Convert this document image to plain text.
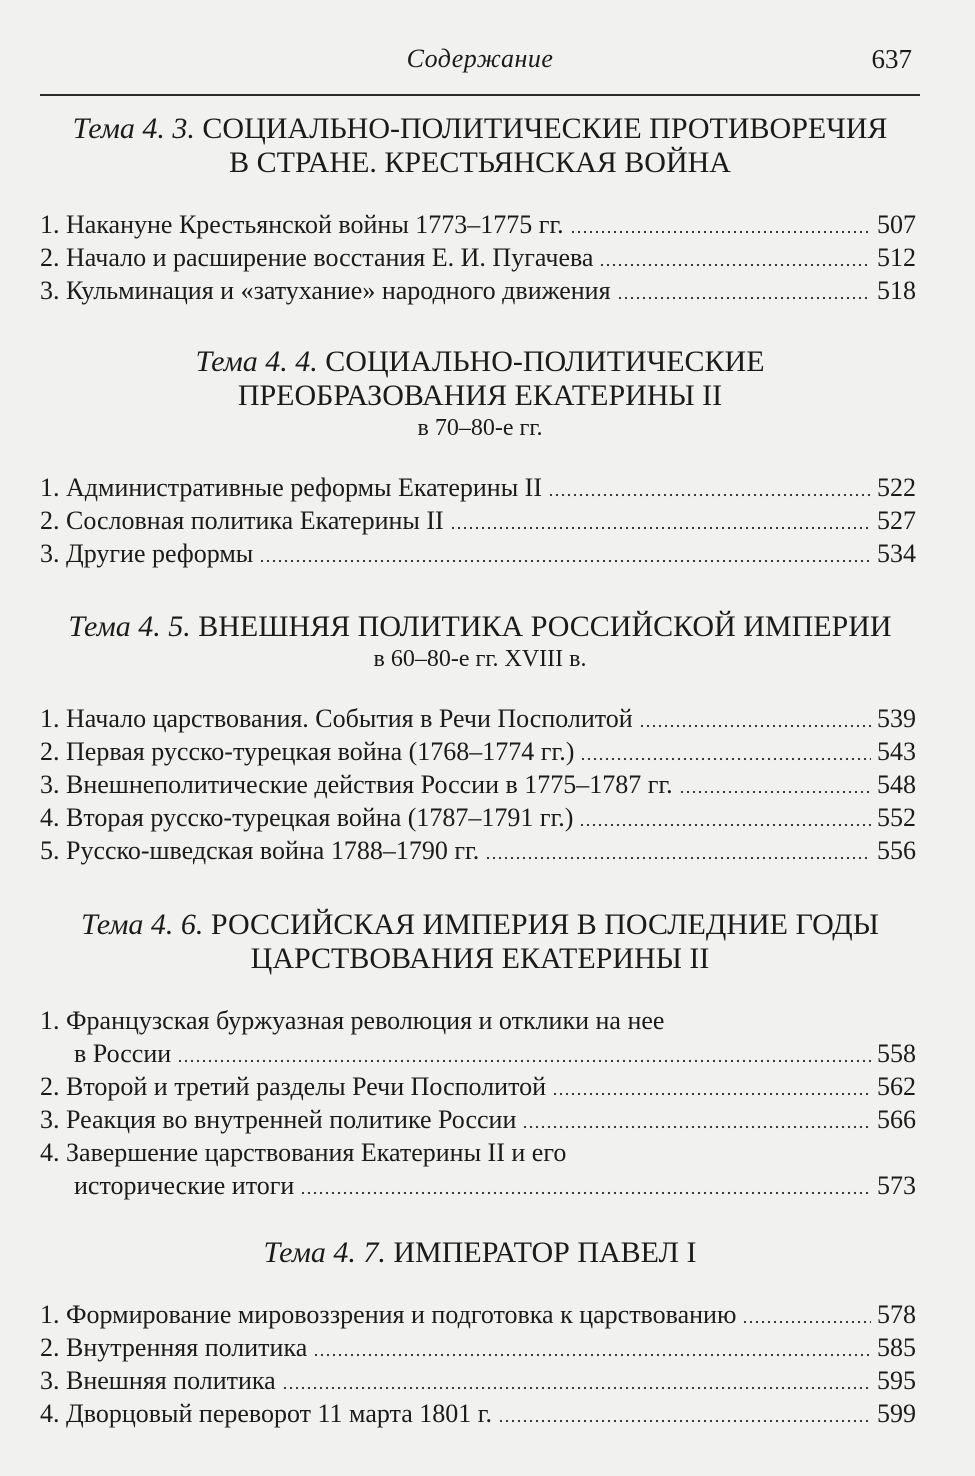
Содержание	637
Тема 4. 3. СОЦИАЛЬНО-ПОЛИТИЧЕСКИЕ ПРОТИВОРЕЧИЯ
В СТРАНЕ. КРЕСТЬЯНСКАЯ ВОЙНА
1. Накануне Крестьянской войны 1773–1775 гг.	507
2. Начало и расширение восстания Е. И. Пугачева	512
3. Кульминация и «затухание» народного движения	518
Тема 4. 4. СОЦИАЛЬНО-ПОЛИТИЧЕСКИЕ
ПРЕОБРАЗОВАНИЯ ЕКАТЕРИНЫ II
в 70–80-е гг.
1. Административные реформы Екатерины II	522
2. Сословная политика Екатерины II	527
3. Другие реформы	534
Тема 4. 5. ВНЕШНЯЯ ПОЛИТИКА РОССИЙСКОЙ ИМПЕРИИ
в 60–80-е гг. XVIII в.
1. Начало царствования. События в Речи Посполитой	539
2. Первая русско-турецкая война (1768–1774 гг.)	543
3. Внешнеполитические действия России в 1775–1787 гг.	548
4. Вторая русско-турецкая война (1787–1791 гг.)	552
5. Русско-шведская война 1788–1790 гг.	556
Тема 4. 6. РОССИЙСКАЯ ИМПЕРИЯ В ПОСЛЕДНИЕ ГОДЫ
ЦАРСТВОВАНИЯ ЕКАТЕРИНЫ II
1. Французская буржуазная революция и отклики на нее
в России	558
2. Второй и третий разделы Речи Посполитой	562
3. Реакция во внутренней политике России	566
4. Завершение царствования Екатерины II и его
исторические итоги	573
Тема 4. 7. ИМПЕРАТОР ПАВЕЛ I
1. Формирование мировоззрения и подготовка к царствованию	578
2. Внутренняя политика	585
3. Внешняя политика	595
4. Дворцовый переворот 11 марта 1801 г.	599
